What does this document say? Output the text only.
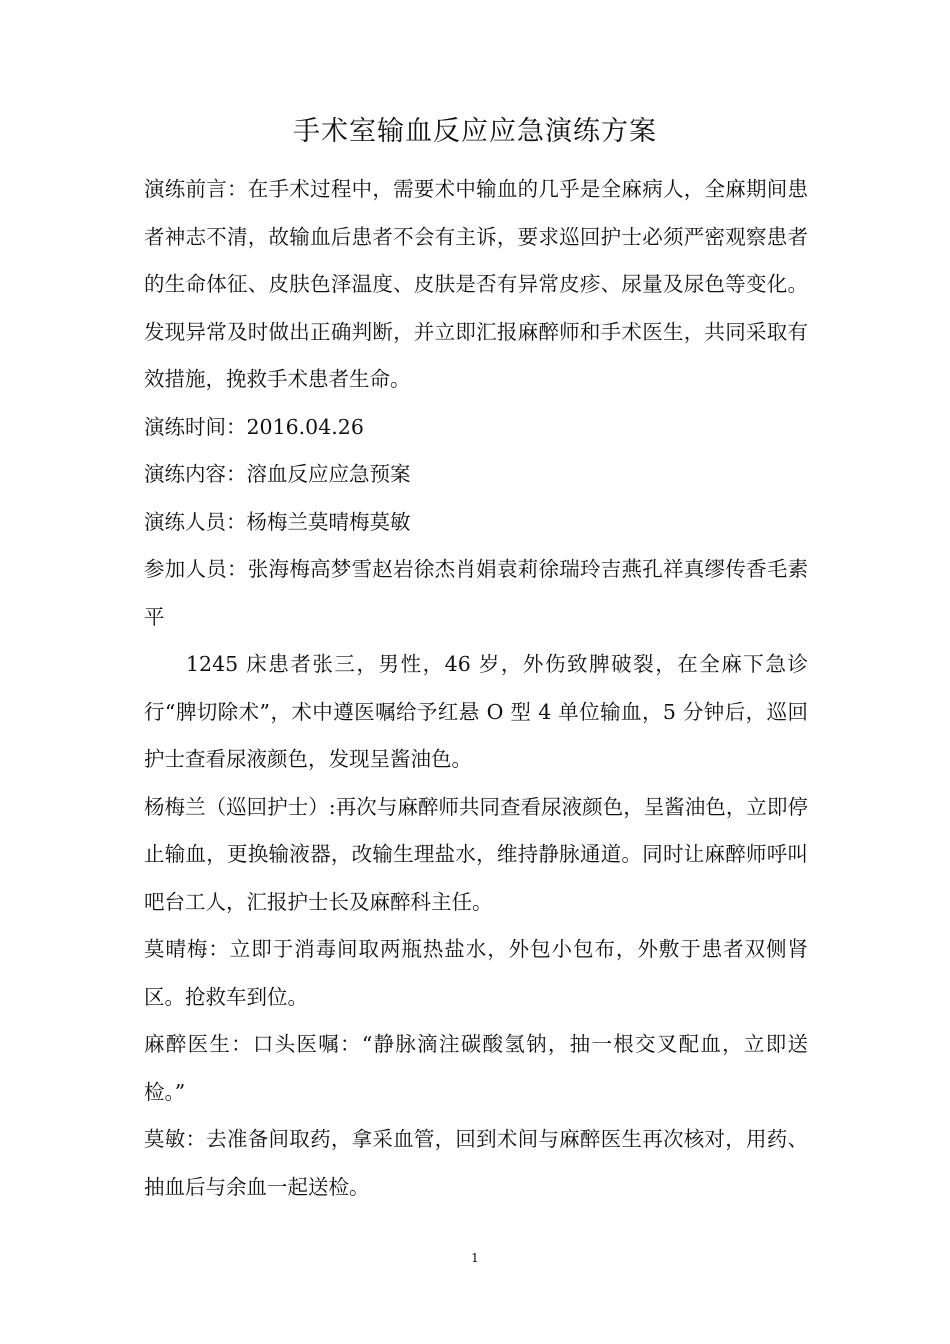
手术室输血反应应急演练方案

演练前言：在手术过程中，需要术中输血的几乎是全麻病人，全麻期间患者神志不清，故输血后患者不会有主诉，要求巡回护士必须严密观察患者的生命体征、皮肤色泽温度、皮肤是否有异常皮疹、尿量及尿色等变化。发现异常及时做出正确判断，并立即汇报麻醉师和手术医生，共同采取有效措施，挽救手术患者生命。

演练时间：2016.04.26

演练内容：溶血反应应急预案

演练人员：杨梅兰莫晴梅莫敏

参加人员：张海梅高梦雪赵岩徐杰肖娟袁莉徐瑞玲吉燕孔祥真缪传香毛素平

1245 床患者张三，男性，46 岁，外伤致脾破裂，在全麻下急诊行“脾切除术”，术中遵医嘱给予红悬 O 型 4 单位输血，5 分钟后，巡回护士查看尿液颜色，发现呈酱油色。

杨梅兰（巡回护士）:再次与麻醉师共同查看尿液颜色，呈酱油色，立即停止输血，更换输液器，改输生理盐水，维持静脉通道。同时让麻醉师呼叫吧台工人，汇报护士长及麻醉科主任。

莫晴梅：立即于消毒间取两瓶热盐水，外包小包布，外敷于患者双侧肾区。抢救车到位。

麻醉医生：口头医嘱：“静脉滴注碳酸氢钠，抽一根交叉配血，立即送检。”

莫敏：去准备间取药，拿采血管，回到术间与麻醉医生再次核对，用药、抽血后与余血一起送检。

1
